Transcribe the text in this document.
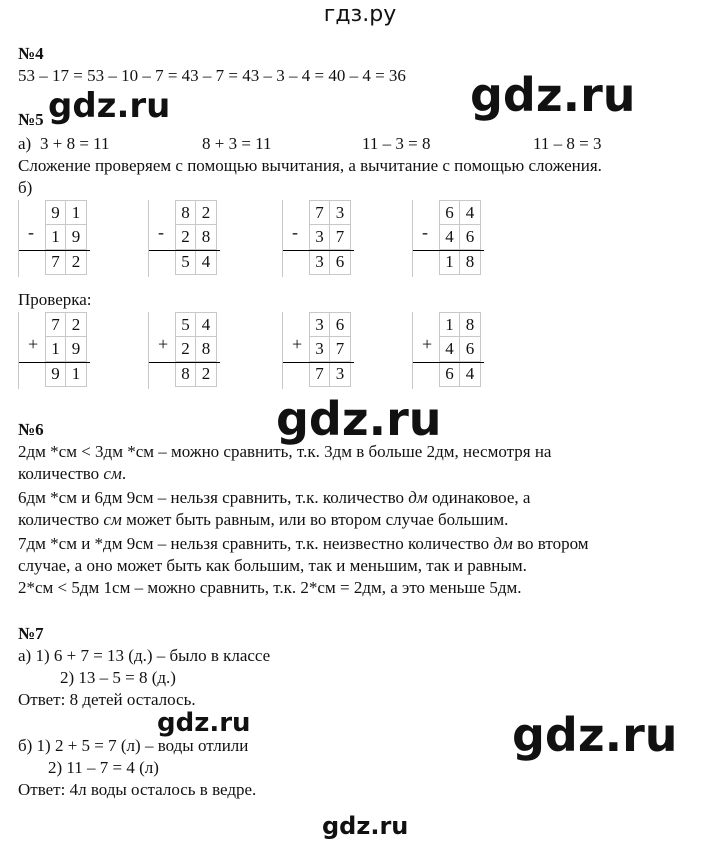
гдз.ру
gdz.ru	gdz.ru
gdz.ru
gdz.ru	gdz.ru
gdz.ru
№4
53 – 17 = 53 – 10 – 7 = 43 – 7 = 43 – 3 – 4 = 40 – 4 = 36
№5
а) 3 + 8 = 11	8 + 3 = 11	11 – 3 = 8	11 – 8 = 3
Сложение проверяем с помощью вычитания, а вычитание с помощью сложения.
б)
-
9 1
1 9
7 2
-
8 2
2 8
5 4
-
7 3
3 7
3 6
-
6 4
4 6
1 8
Проверка:
+
7 2
1 9
9 1
+
5 4
2 8
8 2
+
3 6
3 7
7 3
+
1 8
4 6
6 4
№6
2дм *см < 3дм *см – можно сравнить, т.к. 3дм в больше 2дм, несмотря на
количество см.
6дм *см и 6дм 9см – нельзя сравнить, т.к. количество дм одинаковое, а
количество см может быть равным, или во втором случае большим.
7дм *см и *дм 9см – нельзя сравнить, т.к. неизвестно количество дм во втором
случае, а оно может быть как большим, так и меньшим, так и равным.
2*см < 5дм 1см – можно сравнить, т.к. 2*см = 2дм, а это меньше 5дм.
№7
а) 1) 6 + 7 = 13 (д.) – было в классе
2) 13 – 5 = 8 (д.)
Ответ: 8 детей осталось.
б) 1) 2 + 5 = 7 (л) – воды отлили
2) 11 – 7 = 4 (л)
Ответ: 4л воды осталось в ведре.
